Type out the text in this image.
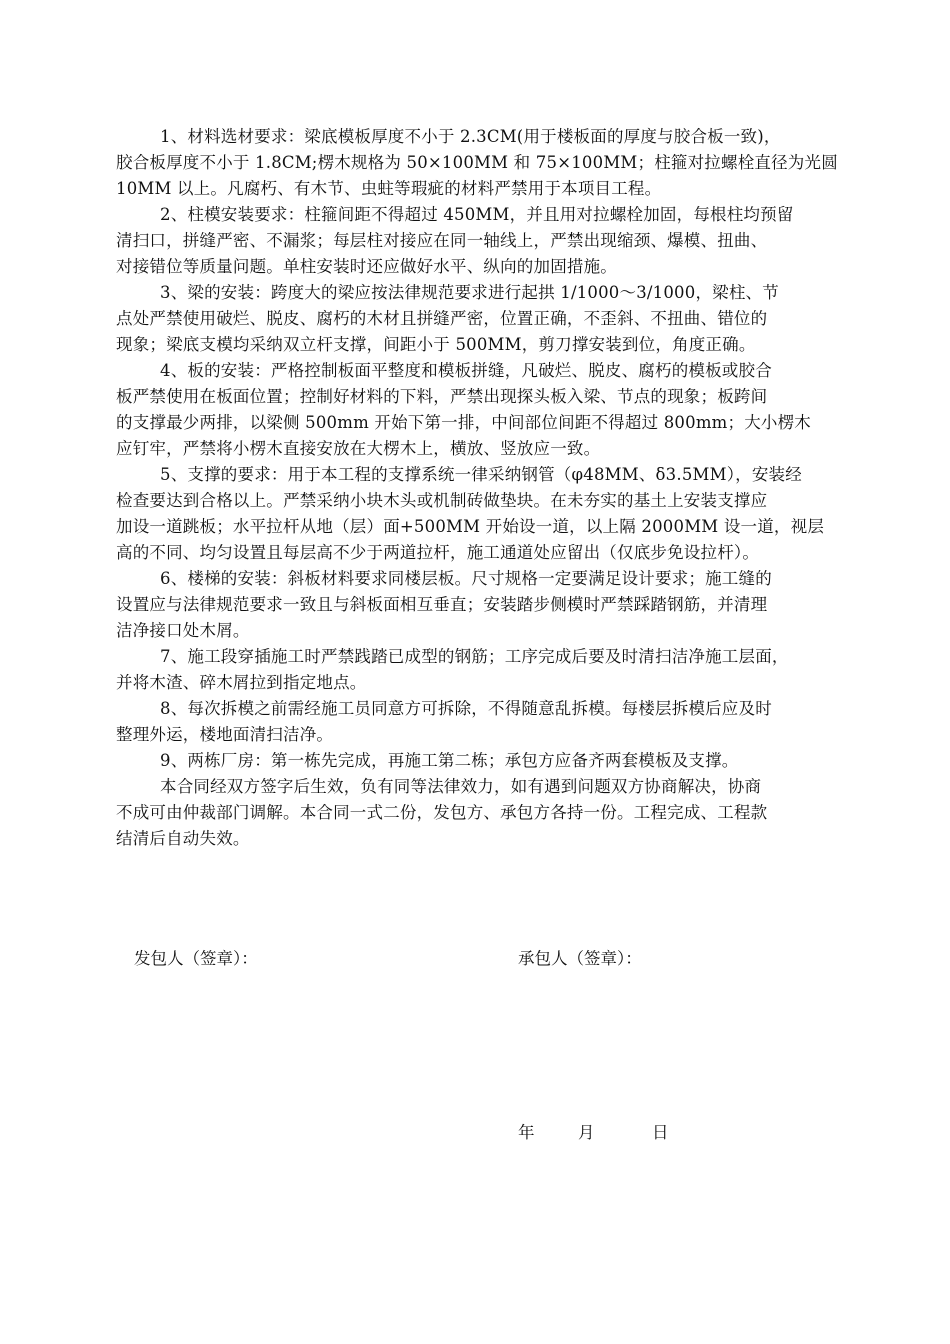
1、材料选材要求：梁底模板厚度不小于 2.3CM(用于楼板面的厚度与胶合板一致)，
胶合板厚度不小于 1.8CM;楞木规格为 50×100MM 和 75×100MM；柱箍对拉螺栓直径为光圆
10MM 以上。凡腐朽、有木节、虫蛀等瑕疵的材料严禁用于本项目工程。
2、柱模安装要求：柱箍间距不得超过 450MM，并且用对拉螺栓加固，每根柱均预留
清扫口，拼缝严密、不漏浆；每层柱对接应在同一轴线上，严禁出现缩颈、爆模、扭曲、
对接错位等质量问题。单柱安装时还应做好水平、纵向的加固措施。
3、梁的安装：跨度大的梁应按法律规范要求进行起拱 1/1000～3/1000，梁柱、节
点处严禁使用破烂、脱皮、腐朽的木材且拼缝严密，位置正确，不歪斜、不扭曲、错位的
现象；梁底支模均采纳双立杆支撑，间距小于 500MM，剪刀撑安装到位，角度正确。
4、板的安装：严格控制板面平整度和模板拼缝，凡破烂、脱皮、腐朽的模板或胶合
板严禁使用在板面位置；控制好材料的下料，严禁出现探头板入梁、节点的现象；板跨间
的支撑最少两排，以梁侧 500mm 开始下第一排，中间部位间距不得超过 800mm；大小楞木
应钉牢，严禁将小楞木直接安放在大楞木上，横放、竖放应一致。
5、支撑的要求：用于本工程的支撑系统一律采纳钢管（φ48MM、δ3.5MM），安装经
检查要达到合格以上。严禁采纳小块木头或机制砖做垫块。在未夯实的基土上安装支撑应
加设一道跳板；水平拉杆从地（层）面+500MM 开始设一道，以上隔 2000MM 设一道，视层
高的不同、均匀设置且每层高不少于两道拉杆，施工通道处应留出（仅底步免设拉杆）。
6、楼梯的安装：斜板材料要求同楼层板。尺寸规格一定要满足设计要求；施工缝的
设置应与法律规范要求一致且与斜板面相互垂直；安装踏步侧模时严禁踩踏钢筋，并清理
洁净接口处木屑。
7、施工段穿插施工时严禁践踏已成型的钢筋；工序完成后要及时清扫洁净施工层面，
并将木渣、碎木屑拉到指定地点。
8、每次拆模之前需经施工员同意方可拆除，不得随意乱拆模。每楼层拆模后应及时
整理外运，楼地面清扫洁净。
9、两栋厂房：第一栋先完成，再施工第二栋；承包方应备齐两套模板及支撑。
本合同经双方签字后生效，负有同等法律效力，如有遇到问题双方协商解决，协商
不成可由仲裁部门调解。本合同一式二份，发包方、承包方各持一份。工程完成、工程款
结清后自动失效。
发包人（签章）：	承包人（签章）：
年	月	日
